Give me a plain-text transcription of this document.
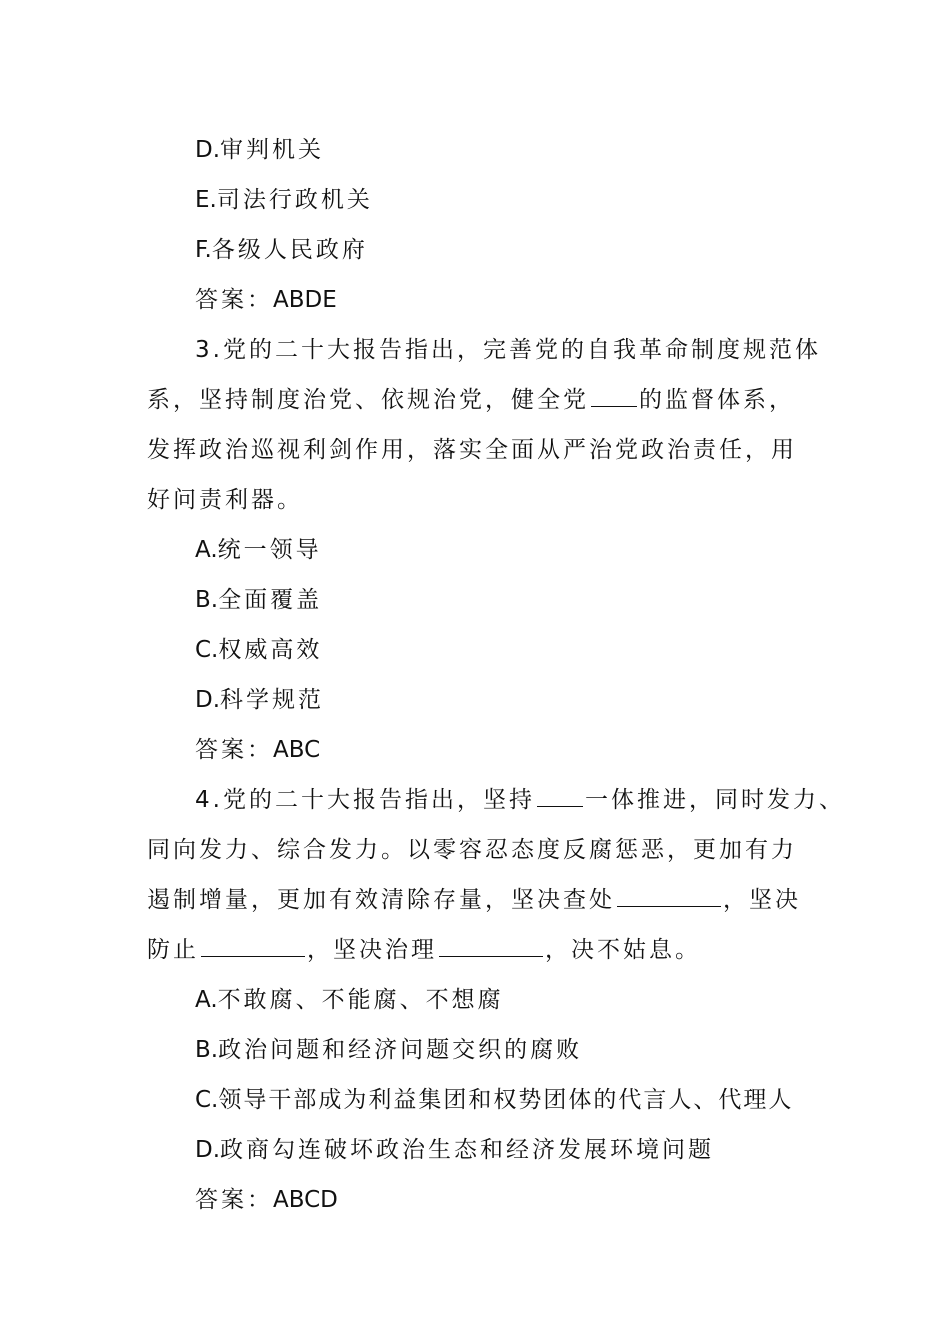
D.审判机关
E.司法行政机关
F.各级人民政府
答案：ABDE
3.党的二十大报告指出，完善党的自我革命制度规范体
系，坚持制度治党、依规治党，健全党 的监督体系，
发挥政治巡视利剑作用，落实全面从严治党政治责任，用
好问责利器。
A.统一领导
B.全面覆盖
C.权威高效
D.科学规范
答案：ABC
4.党的二十大报告指出，坚持 一体推进，同时发力、
同向发力、综合发力。以零容忍态度反腐惩恶，更加有力
遏制增量，更加有效清除存量，坚决查处	，坚决
防止	，坚决治理	，决不姑息。
A.不敢腐、不能腐、不想腐
B.政治问题和经济问题交织的腐败
C.领导干部成为利益集团和权势团体的代言人、代理人
D.政商勾连破坏政治生态和经济发展环境问题
答案：ABCD
